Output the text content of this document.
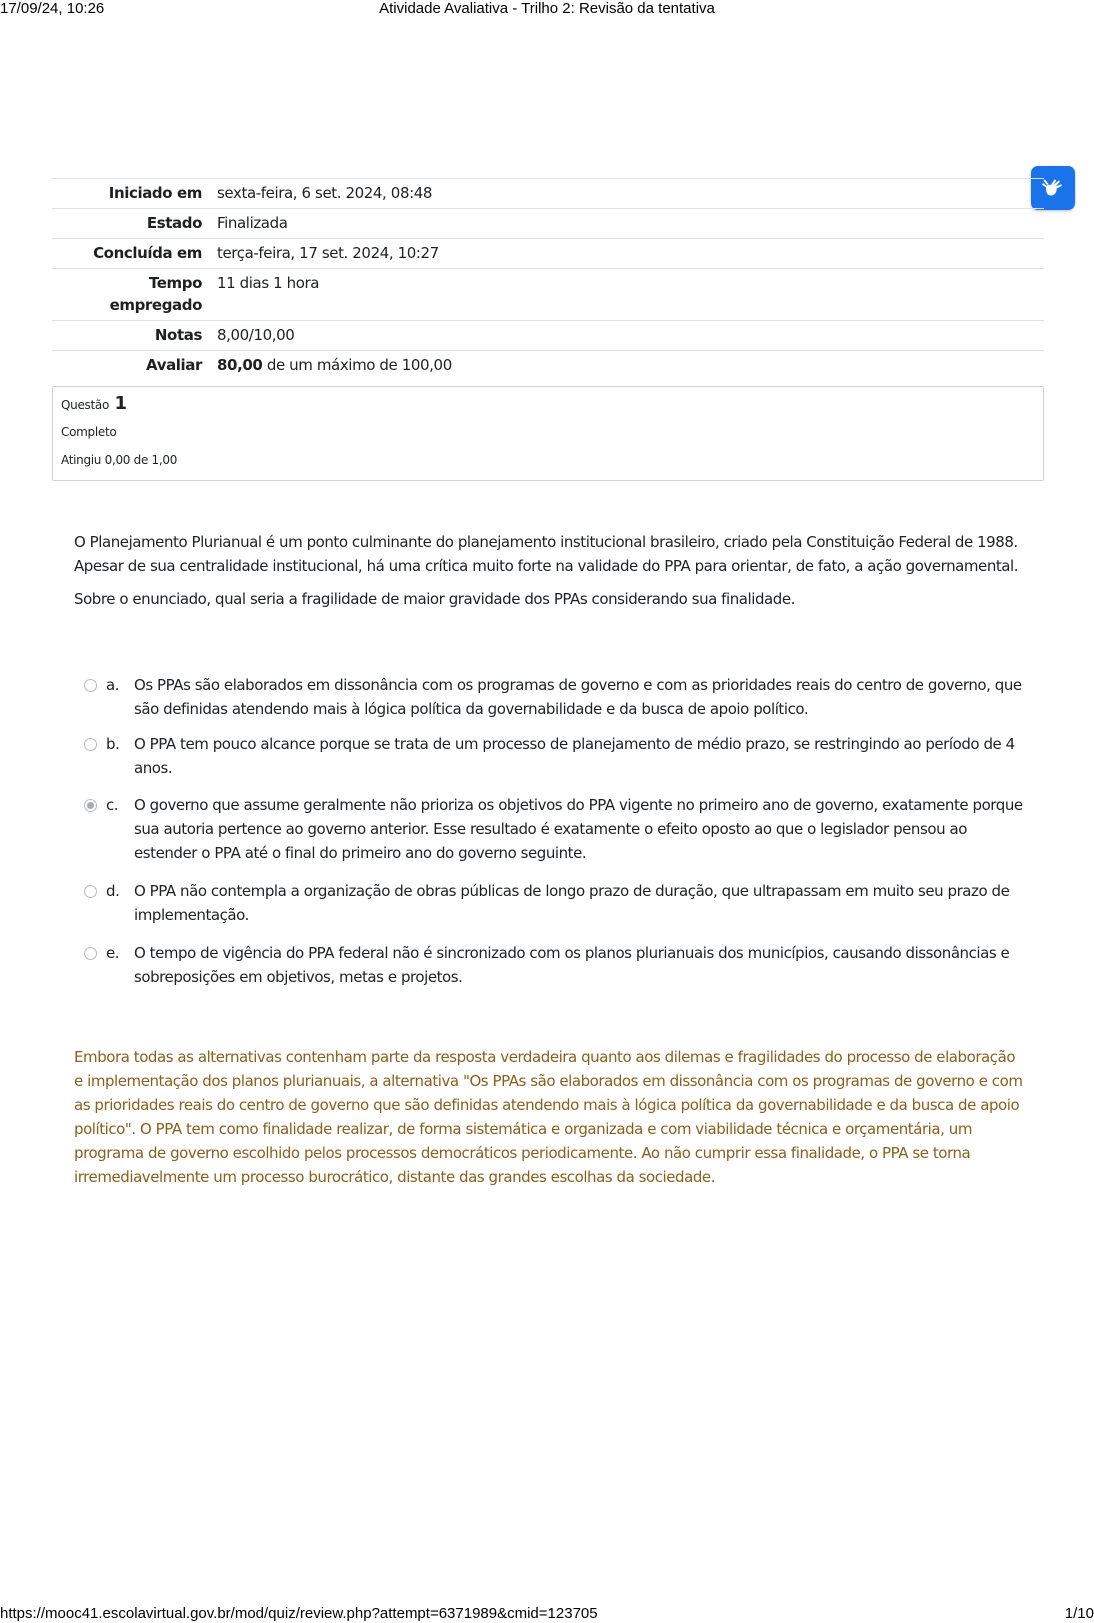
17/09/24, 10:26	Atividade Avaliativa - Trilho 2: Revisão da tentativa
Iniciado em	sexta-feira, 6 set. 2024, 08:48
Estado	Finalizada
Concluída em	terça-feira, 17 set. 2024, 10:27
Tempo empregado	11 dias 1 hora
Notas	8,00/10,00
Avaliar	80,00 de um máximo de 100,00
Questão 1
Completo
Atingiu 0,00 de 1,00

O Planejamento Plurianual é um ponto culminante do planejamento institucional brasileiro, criado pela Constituição Federal de 1988. Apesar de sua centralidade institucional, há uma crítica muito forte na validade do PPA para orientar, de fato, a ação governamental.

Sobre o enunciado, qual seria a fragilidade de maior gravidade dos PPAs considerando sua finalidade.

a. Os PPAs são elaborados em dissonância com os programas de governo e com as prioridades reais do centro de governo, que são definidas atendendo mais à lógica política da governabilidade e da busca de apoio político.
b. O PPA tem pouco alcance porque se trata de um processo de planejamento de médio prazo, se restringindo ao período de 4 anos.
c. O governo que assume geralmente não prioriza os objetivos do PPA vigente no primeiro ano de governo, exatamente porque sua autoria pertence ao governo anterior. Esse resultado é exatamente o efeito oposto ao que o legislador pensou ao estender o PPA até o final do primeiro ano do governo seguinte.
d. O PPA não contempla a organização de obras públicas de longo prazo de duração, que ultrapassam em muito seu prazo de implementação.
e. O tempo de vigência do PPA federal não é sincronizado com os planos plurianuais dos municípios, causando dissonâncias e sobreposições em objetivos, metas e projetos.
Embora todas as alternativas contenham parte da resposta verdadeira quanto aos dilemas e fragilidades do processo de elaboração e implementação dos planos plurianuais, a alternativa "Os PPAs são elaborados em dissonância com os programas de governo e com as prioridades reais do centro de governo que são definidas atendendo mais à lógica política da governabilidade e da busca de apoio político". O PPA tem como finalidade realizar, de forma sistemática e organizada e com viabilidade técnica e orçamentária, um programa de governo escolhido pelos processos democráticos periodicamente. Ao não cumprir essa finalidade, o PPA se torna irremediavelmente um processo burocrático, distante das grandes escolhas da sociedade.
https://mooc41.escolavirtual.gov.br/mod/quiz/review.php?attempt=6371989&cmid=123705	1/10
